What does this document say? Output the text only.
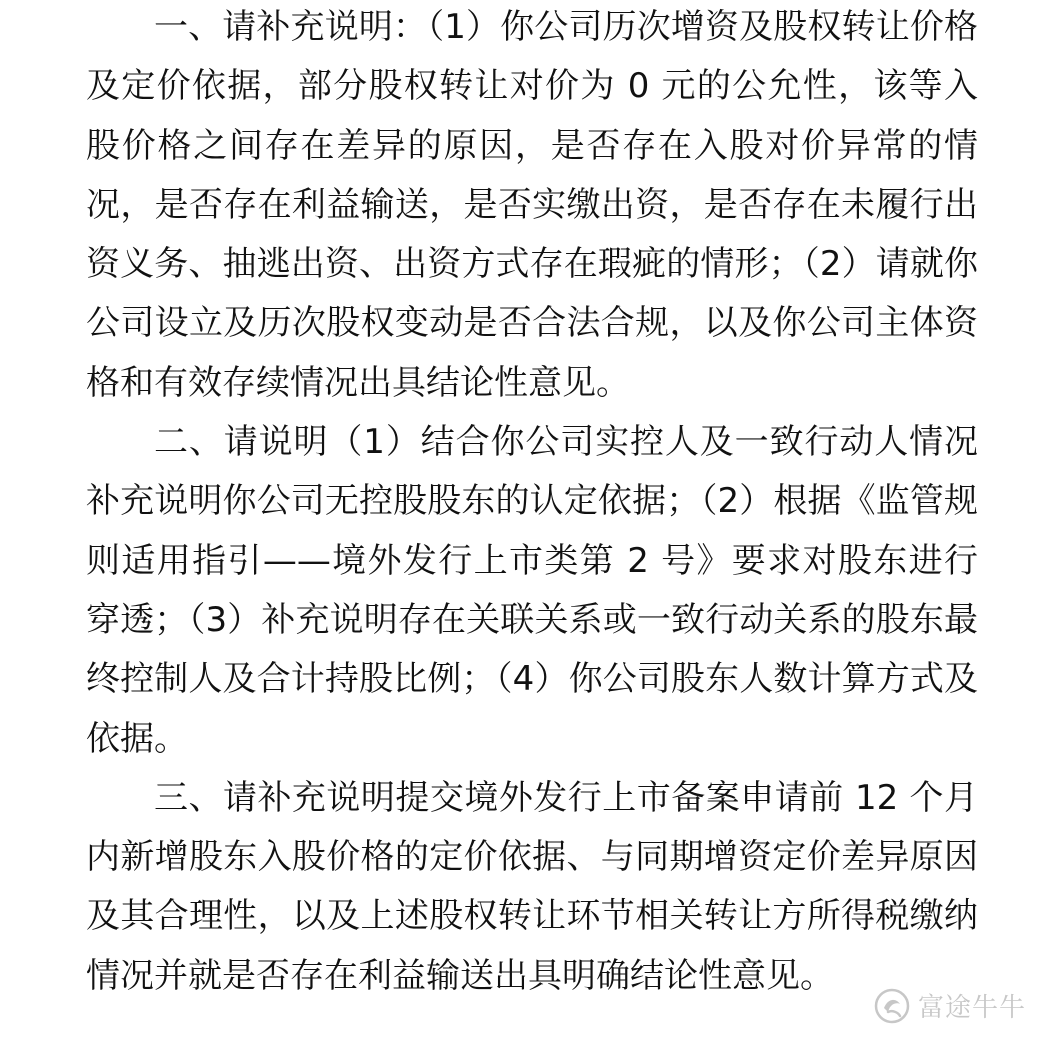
一、请补充说明：（1）你公司历次增资及股权转让价格及定价依据，部分股权转让对价为 0 元的公允性，该等入股价格之间存在差异的原因，是否存在入股对价异常的情况，是否存在利益输送，是否实缴出资，是否存在未履行出资义务、抽逃出资、出资方式存在瑕疵的情形；（2）请就你公司设立及历次股权变动是否合法合规，以及你公司主体资格和有效存续情况出具结论性意见。

二、请说明（1）结合你公司实控人及一致行动人情况补充说明你公司无控股股东的认定依据；（2）根据《监管规则适用指引——境外发行上市类第 2 号》要求对股东进行穿透；（3）补充说明存在关联关系或一致行动关系的股东最终控制人及合计持股比例；（4）你公司股东人数计算方式及依据。

三、请补充说明提交境外发行上市备案申请前 12 个月内新增股东入股价格的定价依据、与同期增资定价差异原因及其合理性，以及上述股权转让环节相关转让方所得税缴纳情况并就是否存在利益输送出具明确结论性意见。

富途牛牛
